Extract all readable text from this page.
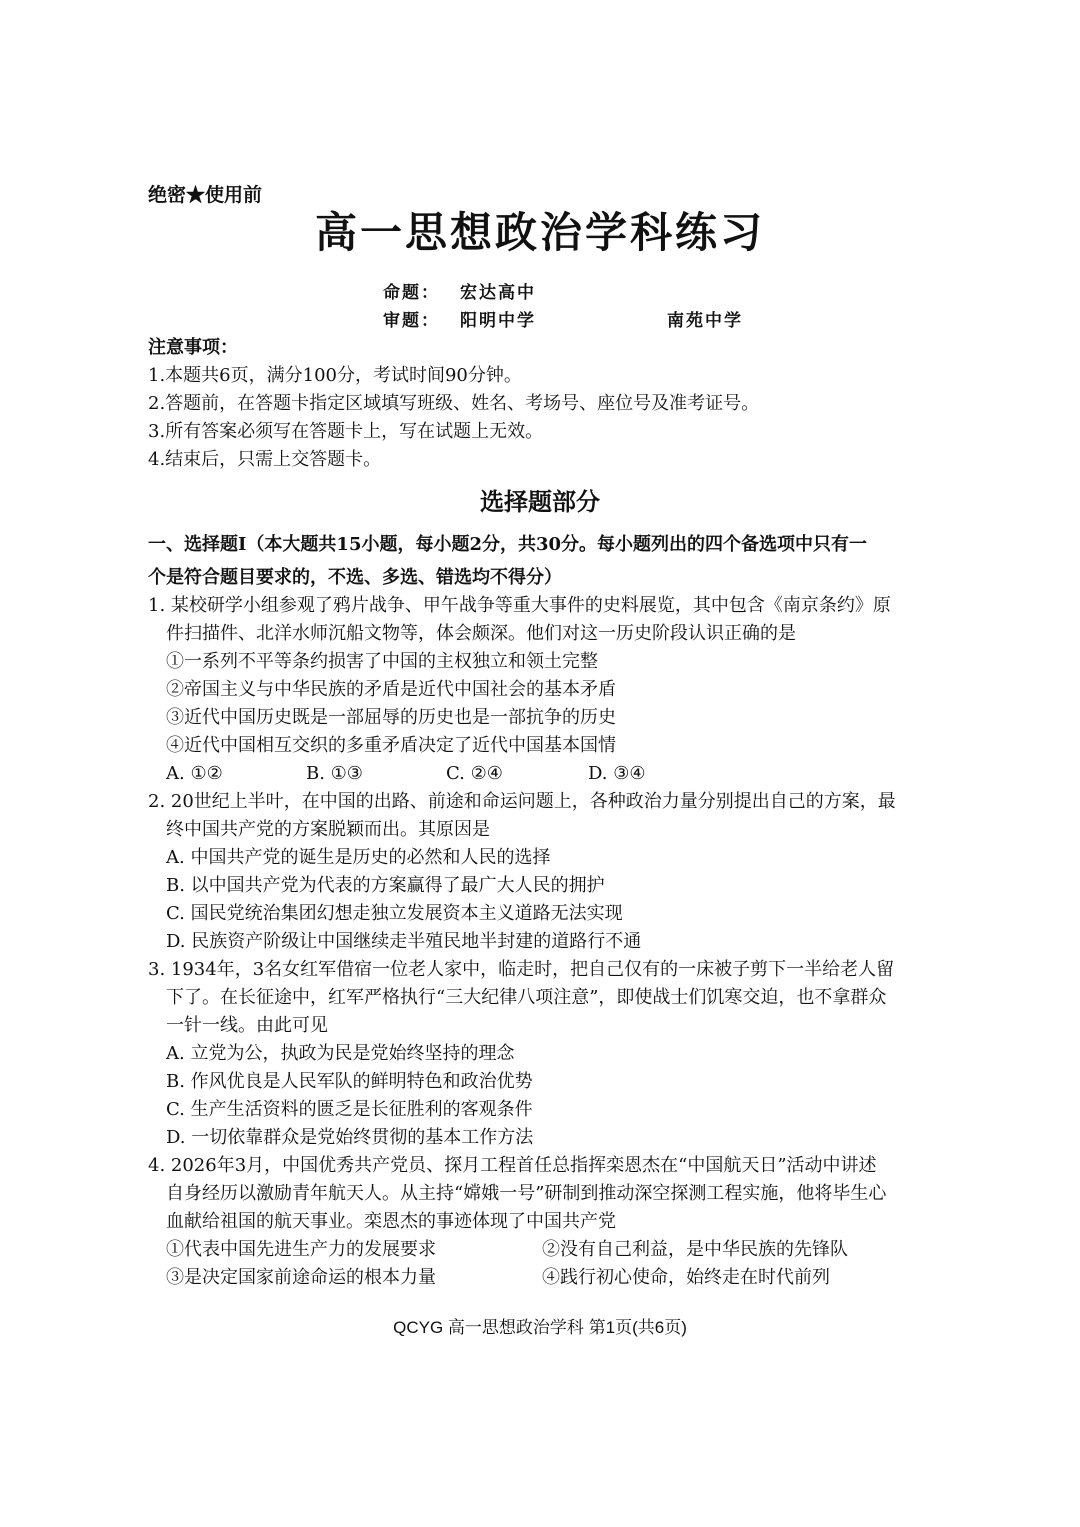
绝密★使用前
高一思想政治学科练习
命题： 宏达高中
审题： 阳明中学	南苑中学
注意事项：
1.本题共6页，满分100分，考试时间90分钟。
2.答题前，在答题卡指定区域填写班级、姓名、考场号、座位号及准考证号。
3.所有答案必须写在答题卡上，写在试题上无效。
4.结束后，只需上交答题卡。
选择题部分
一、选择题Ⅰ（本大题共15小题，每小题2分，共30分。每小题列出的四个备选项中只有一
个是符合题目要求的，不选、多选、错选均不得分）
1. 某校研学小组参观了鸦片战争、甲午战争等重大事件的史料展览，其中包含《南京条约》原
件扫描件、北洋水师沉船文物等，体会颇深。他们对这一历史阶段认识正确的是
①一系列不平等条约损害了中国的主权独立和领土完整
②帝国主义与中华民族的矛盾是近代中国社会的基本矛盾
③近代中国历史既是一部屈辱的历史也是一部抗争的历史
④近代中国相互交织的多重矛盾决定了近代中国基本国情
A. ①②	B. ①③	C. ②④	D. ③④
2. 20世纪上半叶，在中国的出路、前途和命运问题上，各种政治力量分别提出自己的方案，最
终中国共产党的方案脱颖而出。其原因是
A. 中国共产党的诞生是历史的必然和人民的选择
B. 以中国共产党为代表的方案赢得了最广大人民的拥护
C. 国民党统治集团幻想走独立发展资本主义道路无法实现
D. 民族资产阶级让中国继续走半殖民地半封建的道路行不通
3. 1934年，3名女红军借宿一位老人家中，临走时，把自己仅有的一床被子剪下一半给老人留
下了。在长征途中，红军严格执行“三大纪律八项注意”，即使战士们饥寒交迫，也不拿群众
一针一线。由此可见
A. 立党为公，执政为民是党始终坚持的理念
B. 作风优良是人民军队的鲜明特色和政治优势
C. 生产生活资料的匮乏是长征胜利的客观条件
D. 一切依靠群众是党始终贯彻的基本工作方法
4. 2026年3月，中国优秀共产党员、探月工程首任总指挥栾恩杰在“中国航天日”活动中讲述
自身经历以激励青年航天人。从主持“嫦娥一号”研制到推动深空探测工程实施，他将毕生心
血献给祖国的航天事业。栾恩杰的事迹体现了中国共产党
①代表中国先进生产力的发展要求	②没有自己利益，是中华民族的先锋队
③是决定国家前途命运的根本力量	④践行初心使命，始终走在时代前列
QCYG 高一思想政治学科 第1页(共6页)
